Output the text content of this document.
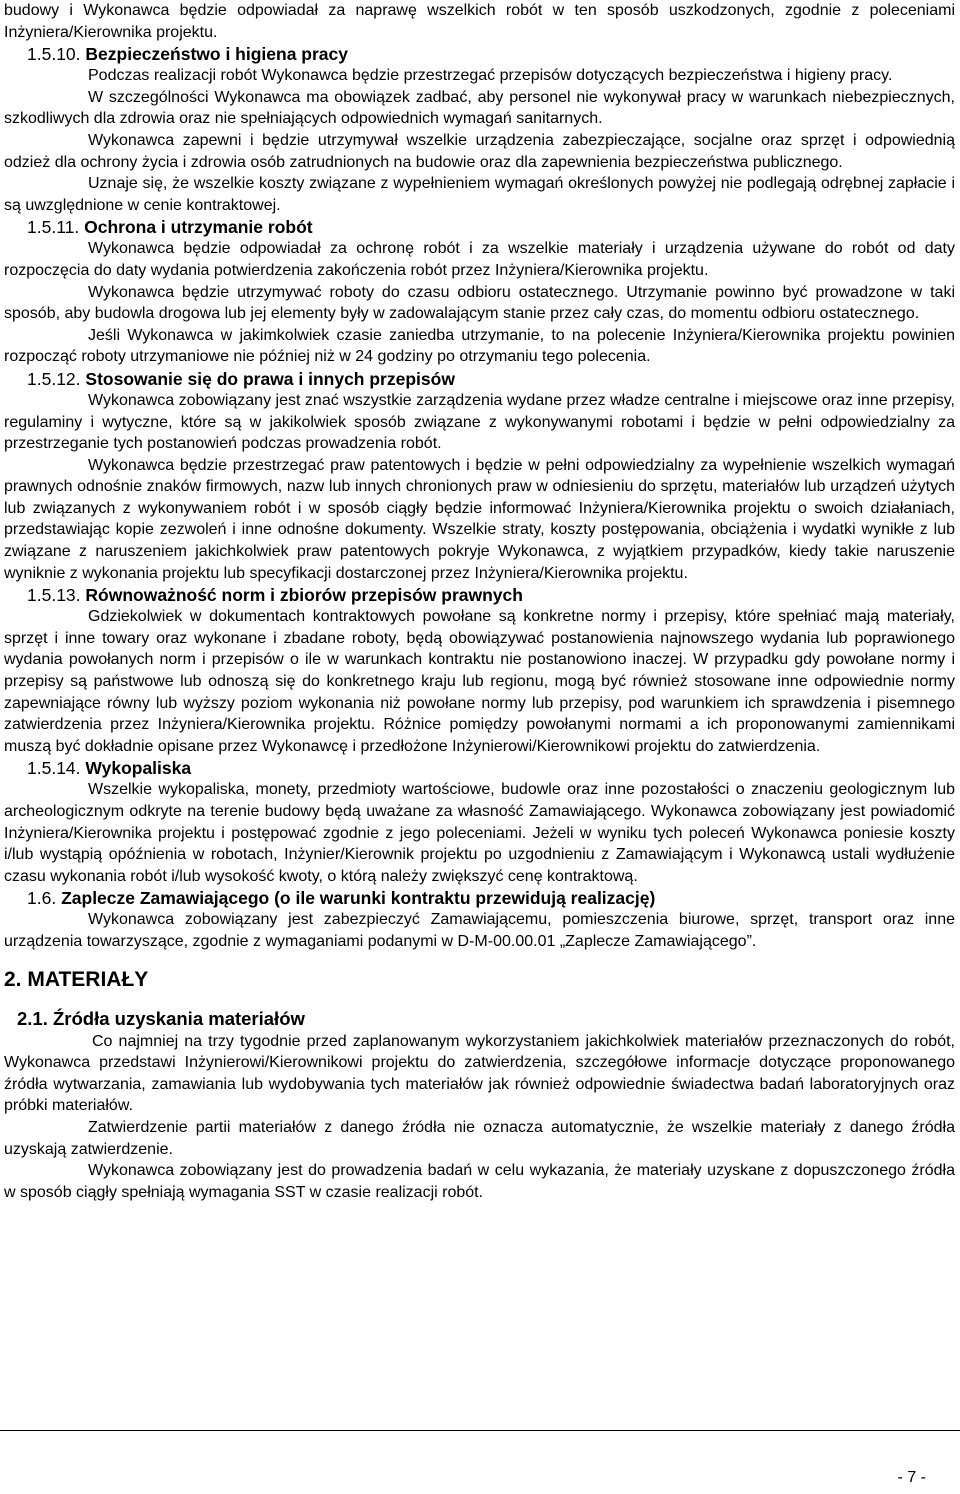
budowy i Wykonawca będzie odpowiadał za naprawę wszelkich robót w ten sposób uszkodzonych, zgodnie z poleceniami Inżyniera/Kierownika projektu.

1.5.10. Bezpieczeństwo i higiena pracy

Podczas realizacji robót Wykonawca będzie przestrzegać przepisów dotyczących bezpieczeństwa i higieny pracy.

W szczególności Wykonawca ma obowiązek zadbać, aby personel nie wykonywał pracy w warunkach niebezpiecznych, szkodliwych dla zdrowia oraz nie spełniających odpowiednich wymagań sanitarnych.

Wykonawca zapewni i będzie utrzymywał wszelkie urządzenia zabezpieczające, socjalne oraz sprzęt i odpowiednią odzież dla ochrony życia i zdrowia osób zatrudnionych na budowie oraz dla zapewnienia bezpieczeństwa publicznego.

Uznaje się, że wszelkie koszty związane z wypełnieniem wymagań określonych powyżej nie podlegają odrębnej zapłacie i są uwzględnione w cenie kontraktowej.

1.5.11. Ochrona i utrzymanie robót

Wykonawca będzie odpowiadał za ochronę robót i za wszelkie materiały i urządzenia używane do robót od daty rozpoczęcia do daty wydania potwierdzenia zakończenia robót przez Inżyniera/Kierownika projektu.

Wykonawca będzie utrzymywać roboty do czasu odbioru ostatecznego. Utrzymanie powinno być prowadzone w taki sposób, aby budowla drogowa lub jej elementy były w zadowalającym stanie przez cały czas, do momentu odbioru ostatecznego.

Jeśli Wykonawca w jakimkolwiek czasie zaniedba utrzymanie, to na polecenie Inżyniera/Kierownika projektu powinien rozpocząć roboty utrzymaniowe nie później niż w 24 godziny po otrzymaniu tego polecenia.

1.5.12. Stosowanie się do prawa i innych przepisów

Wykonawca zobowiązany jest znać wszystkie zarządzenia wydane przez władze centralne i miejscowe oraz inne przepisy, regulaminy i wytyczne, które są w jakikolwiek sposób związane z wykonywanymi robotami i będzie w pełni odpowiedzialny za przestrzeganie tych postanowień podczas prowadzenia robót.

Wykonawca będzie przestrzegać praw patentowych i będzie w pełni odpowiedzialny za wypełnienie wszelkich wymagań prawnych odnośnie znaków firmowych, nazw lub innych chronionych praw w odniesieniu do sprzętu, materiałów lub urządzeń użytych lub związanych z wykonywaniem robót i w sposób ciągły będzie informować Inżyniera/Kierownika projektu o swoich działaniach, przedstawiając kopie zezwoleń i inne odnośne dokumenty. Wszelkie straty, koszty postępowania, obciążenia i wydatki wynikłe z lub związane z naruszeniem jakichkolwiek praw patentowych pokryje Wykonawca, z wyjątkiem przypadków, kiedy takie naruszenie wyniknie z wykonania projektu lub specyfikacji dostarczonej przez Inżyniera/Kierownika projektu.

1.5.13. Równoważność norm i zbiorów przepisów prawnych

Gdziekolwiek w dokumentach kontraktowych powołane są konkretne normy i przepisy, które spełniać mają materiały, sprzęt i inne towary oraz wykonane i zbadane roboty, będą obowiązywać postanowienia najnowszego wydania lub poprawionego wydania powołanych norm i przepisów o ile w warunkach kontraktu nie postanowiono inaczej. W przypadku gdy powołane normy i przepisy są państwowe lub odnoszą się do konkretnego kraju lub regionu, mogą być również stosowane inne odpowiednie normy zapewniające równy lub wyższy poziom wykonania niż powołane normy lub przepisy, pod warunkiem ich sprawdzenia i pisemnego zatwierdzenia przez Inżyniera/Kierownika projektu. Różnice pomiędzy powołanymi normami a ich proponowanymi zamiennikami muszą być dokładnie opisane przez Wykonawcę i przedłożone Inżynierowi/Kierownikowi projektu do zatwierdzenia.

1.5.14. Wykopaliska

Wszelkie wykopaliska, monety, przedmioty wartościowe, budowle oraz inne pozostałości o znaczeniu geologicznym lub archeologicznym odkryte na terenie budowy będą uważane za własność Zamawiającego. Wykonawca zobowiązany jest powiadomić Inżyniera/Kierownika projektu i postępować zgodnie z jego poleceniami. Jeżeli w wyniku tych poleceń Wykonawca poniesie koszty i/lub wystąpią opóźnienia w robotach, Inżynier/Kierownik projektu po uzgodnieniu z Zamawiającym i Wykonawcą ustali wydłużenie czasu wykonania robót i/lub wysokość kwoty, o którą należy zwiększyć cenę kontraktową.

1.6. Zaplecze Zamawiającego (o ile warunki kontraktu przewidują realizację)

Wykonawca zobowiązany jest zabezpieczyć Zamawiającemu, pomieszczenia biurowe, sprzęt, transport oraz inne urządzenia towarzyszące, zgodnie z wymaganiami podanymi w D-M-00.00.01 „Zaplecze Zamawiającego”.

2. MATERIAŁY
2.1. Źródła uzyskania materiałów

Co najmniej na trzy tygodnie przed zaplanowanym wykorzystaniem jakichkolwiek materiałów przeznaczonych do robót, Wykonawca przedstawi Inżynierowi/Kierownikowi projektu do zatwierdzenia, szczegółowe informacje dotyczące proponowanego źródła wytwarzania, zamawiania lub wydobywania tych materiałów jak również odpowiednie świadectwa badań laboratoryjnych oraz próbki materiałów.

Zatwierdzenie partii materiałów z danego źródła nie oznacza automatycznie, że wszelkie materiały z danego źródła uzyskają zatwierdzenie.

Wykonawca zobowiązany jest do prowadzenia badań w celu wykazania, że materiały uzyskane z dopuszczonego źródła w sposób ciągły spełniają wymagania SST w czasie realizacji robót.

- 7 -
